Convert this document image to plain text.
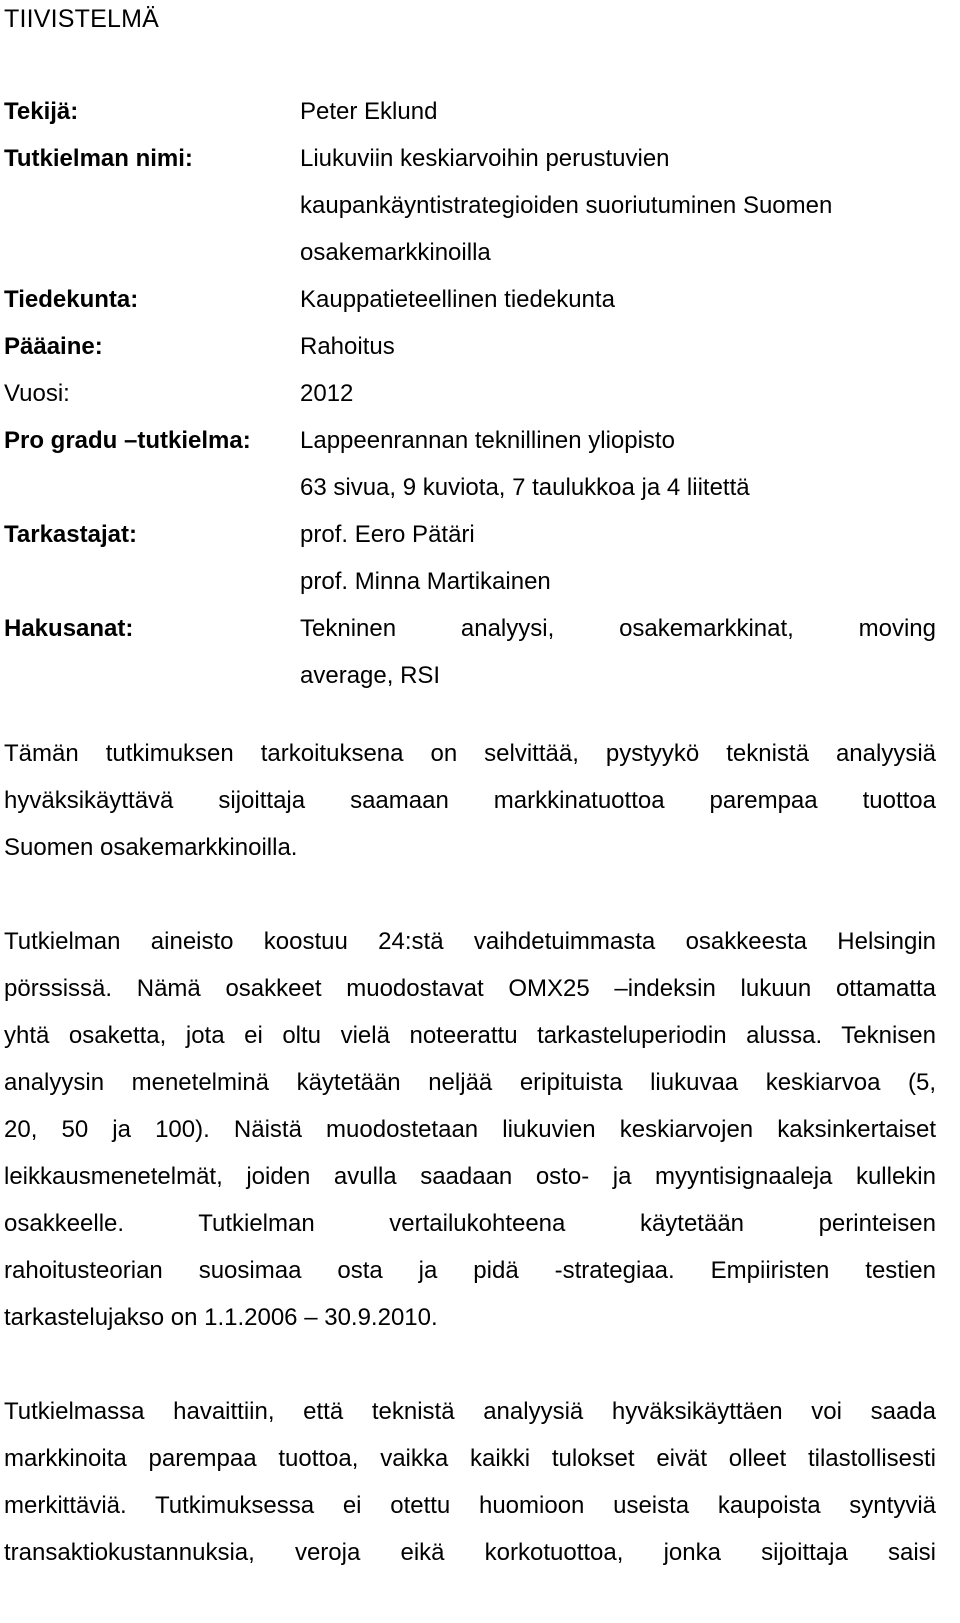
TIIVISTELMÄ
Tekijä:	Peter Eklund
Tutkielman nimi:	Liukuviin keskiarvoihin perustuvien
kaupankäyntistrategioiden suoriutuminen Suomen
osakemarkkinoilla
Tiedekunta:	Kauppatieteellinen tiedekunta
Pääaine:	Rahoitus
Vuosi:	2012
Pro gradu –tutkielma:	Lappeenrannan teknillinen yliopisto
63 sivua, 9 kuviota, 7 taulukkoa ja 4 liitettä
Tarkastajat:	prof. Eero Pätäri
prof. Minna Martikainen
Hakusanat:	Tekninen analyysi, osakemarkkinat, moving
average, RSI
Tämän tutkimuksen tarkoituksena on selvittää, pystyykö teknistä analyysiä
hyväksikäyttävä sijoittaja saamaan markkinatuottoa parempaa tuottoa
Suomen osakemarkkinoilla.
Tutkielman aineisto koostuu 24:stä vaihdetuimmasta osakkeesta Helsingin
pörssissä. Nämä osakkeet muodostavat OMX25 –indeksin lukuun ottamatta
yhtä osaketta, jota ei oltu vielä noteerattu tarkasteluperiodin alussa. Teknisen
analyysin menetelminä käytetään neljää eripituista liukuvaa keskiarvoa (5,
20, 50 ja 100). Näistä muodostetaan liukuvien keskiarvojen kaksinkertaiset
leikkausmenetelmät, joiden avulla saadaan osto- ja myyntisignaaleja kullekin
osakkeelle. Tutkielman vertailukohteena käytetään perinteisen
rahoitusteorian suosimaa osta ja pidä -strategiaa. Empiiristen testien
tarkastelujakso on 1.1.2006 – 30.9.2010.
Tutkielmassa havaittiin, että teknistä analyysiä hyväksikäyttäen voi saada
markkinoita parempaa tuottoa, vaikka kaikki tulokset eivät olleet tilastollisesti
merkittäviä. Tutkimuksessa ei otettu huomioon useista kaupoista syntyviä
transaktiokustannuksia, veroja eikä korkotuottoa, jonka sijoittaja saisi
